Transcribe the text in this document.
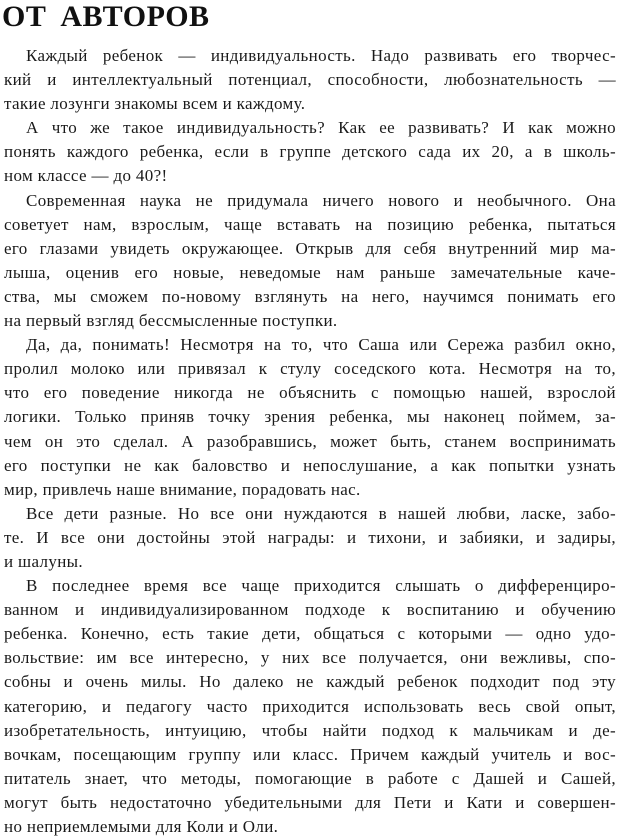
ОТ АВТОРОВ
Каждый ребенок — индивидуальность. Надо развивать его творчес-
кий и интеллектуальный потенциал, способности, любознательность —
такие лозунги знакомы всем и каждому.
А что же такое индивидуальность? Как ее развивать? И как можно
понять каждого ребенка, если в группе детского сада их 20, а в школь-
ном классе — до 40?!
Современная наука не придумала ничего нового и необычного. Она
советует нам, взрослым, чаще вставать на позицию ребенка, пытаться
его глазами увидеть окружающее. Открыв для себя внутренний мир ма-
лыша, оценив его новые, неведомые нам раньше замечательные каче-
ства, мы сможем по-новому взглянуть на него, научимся понимать его
на первый взгляд бессмысленные поступки.
Да, да, понимать! Несмотря на то, что Саша или Сережа разбил окно,
пролил молоко или привязал к стулу соседского кота. Несмотря на то,
что его поведение никогда не объяснить с помощью нашей, взрослой
логики. Только приняв точку зрения ребенка, мы наконец поймем, за-
чем он это сделал. А разобравшись, может быть, станем воспринимать
его поступки не как баловство и непослушание, а как попытки узнать
мир, привлечь наше внимание, порадовать нас.
Все дети разные. Но все они нуждаются в нашей любви, ласке, забо-
те. И все они достойны этой награды: и тихони, и забияки, и задиры,
и шалуны.
В последнее время все чаще приходится слышать о дифференциро-
ванном и индивидуализированном подходе к воспитанию и обучению
ребенка. Конечно, есть такие дети, общаться с которыми — одно удо-
вольствие: им все интересно, у них все получается, они вежливы, спо-
собны и очень милы. Но далеко не каждый ребенок подходит под эту
категорию, и педагогу часто приходится использовать весь свой опыт,
изобретательность, интуицию, чтобы найти подход к мальчикам и де-
вочкам, посещающим группу или класс. Причем каждый учитель и вос-
питатель знает, что методы, помогающие в работе с Дашей и Сашей,
могут быть недостаточно убедительными для Пети и Кати и совершен-
но неприемлемыми для Коли и Оли.
